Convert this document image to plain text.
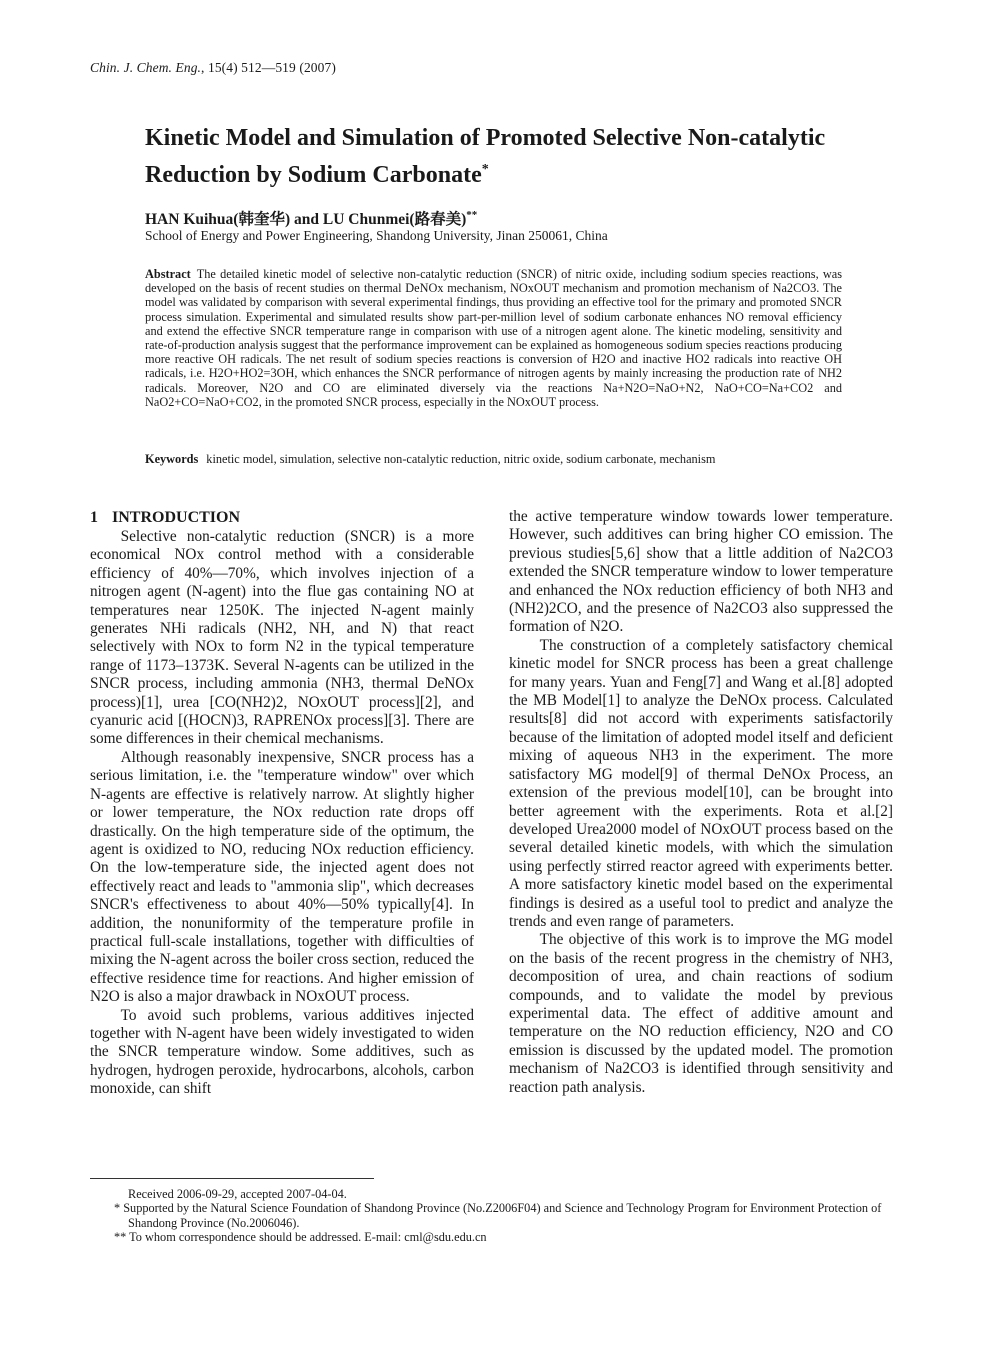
Chin. J. Chem. Eng., 15(4) 512—519 (2007)
Kinetic Model and Simulation of Promoted Selective Non-catalytic Reduction by Sodium Carbonate*
HAN Kuihua(韩奎华) and LU Chunmei(路春美)**
School of Energy and Power Engineering, Shandong University, Jinan 250061, China
Abstract The detailed kinetic model of selective non-catalytic reduction (SNCR) of nitric oxide, including sodium species reactions, was developed on the basis of recent studies on thermal DeNOx mechanism, NOxOUT mechanism and promotion mechanism of Na2CO3. The model was validated by comparison with several experimental findings, thus providing an effective tool for the primary and promoted SNCR process simulation. Experimental and simulated results show part-per-million level of sodium carbonate enhances NO removal efficiency and extend the effective SNCR temperature range in comparison with use of a nitrogen agent alone. The kinetic modeling, sensitivity and rate-of-production analysis suggest that the performance improvement can be explained as homogeneous sodium species reactions producing more reactive OH radicals. The net result of sodium species reactions is conversion of H2O and inactive HO2 radicals into reactive OH radicals, i.e. H2O+HO2=3OH, which enhances the SNCR performance of nitrogen agents by mainly increasing the production rate of NH2 radicals. Moreover, N2O and CO are eliminated diversely via the reactions Na+N2O=NaO+N2, NaO+CO=Na+CO2 and NaO2+CO=NaO+CO2, in the promoted SNCR process, especially in the NOxOUT process.
Keywords kinetic model, simulation, selective non-catalytic reduction, nitric oxide, sodium carbonate, mechanism
1 INTRODUCTION

Selective non-catalytic reduction (SNCR) is a more economical NOx control method with a considerable efficiency of 40%—70%, which involves injection of a nitrogen agent (N-agent) into the flue gas containing NO at temperatures near 1250K. The injected N-agent mainly generates NHi radicals (NH2, NH, and N) that react selectively with NOx to form N2 in the typical temperature range of 1173–1373K. Several N-agents can be utilized in the SNCR process, including ammonia (NH3, thermal DeNOx process)[1], urea [CO(NH2)2, NOxOUT process][2], and cyanuric acid [(HOCN)3, RAPRENOx process][3]. There are some differences in their chemical mechanisms.

Although reasonably inexpensive, SNCR process has a serious limitation, i.e. the "temperature window" over which N-agents are effective is relatively narrow. At slightly higher or lower temperature, the NOx reduction rate drops off drastically. On the high temperature side of the optimum, the agent is oxidized to NO, reducing NOx reduction efficiency. On the low-temperature side, the injected agent does not effectively react and leads to "ammonia slip", which decreases SNCR's effectiveness to about 40%—50% typically[4]. In addition, the nonuniformity of the temperature profile in practical full-scale installations, together with difficulties of mixing the N-agent across the boiler cross section, reduced the effective residence time for reactions. And higher emission of N2O is also a major drawback in NOxOUT process.

To avoid such problems, various additives injected together with N-agent have been widely investigated to widen the SNCR temperature window. Some additives, such as hydrogen, hydrogen peroxide, hydrocarbons, alcohols, carbon monoxide, can shift

the active temperature window towards lower temperature. However, such additives can bring higher CO emission. The previous studies[5,6] show that a little addition of Na2CO3 extended the SNCR temperature window to lower temperature and enhanced the NOx reduction efficiency of both NH3 and (NH2)2CO, and the presence of Na2CO3 also suppressed the formation of N2O.

The construction of a completely satisfactory chemical kinetic model for SNCR process has been a great challenge for many years. Yuan and Feng[7] and Wang et al.[8] adopted the MB Model[1] to analyze the DeNOx process. Calculated results[8] did not accord with experiments satisfactorily because of the limitation of adopted model itself and deficient mixing of aqueous NH3 in the experiment. The more satisfactory MG model[9] of thermal DeNOx Process, an extension of the previous model[10], can be brought into better agreement with the experiments. Rota et al.[2] developed Urea2000 model of NOxOUT process based on the several detailed kinetic models, with which the simulation using perfectly stirred reactor agreed with experiments better. A more satisfactory kinetic model based on the experimental findings is desired as a useful tool to predict and analyze the trends and even range of parameters.

The objective of this work is to improve the MG model on the basis of the recent progress in the chemistry of NH3, decomposition of urea, and chain reactions of sodium compounds, and to validate the model by previous experimental data. The effect of additive amount and temperature on the NO reduction efficiency, N2O and CO emission is discussed by the updated model. The promotion mechanism of Na2CO3 is identified through sensitivity and reaction path analysis.

Received 2006-09-29, accepted 2007-04-04.

* Supported by the Natural Science Foundation of Shandong Province (No.Z2006F04) and Science and Technology Program for Environment Protection of Shandong Province (No.2006046).

** To whom correspondence should be addressed. E-mail: cml@sdu.edu.cn
